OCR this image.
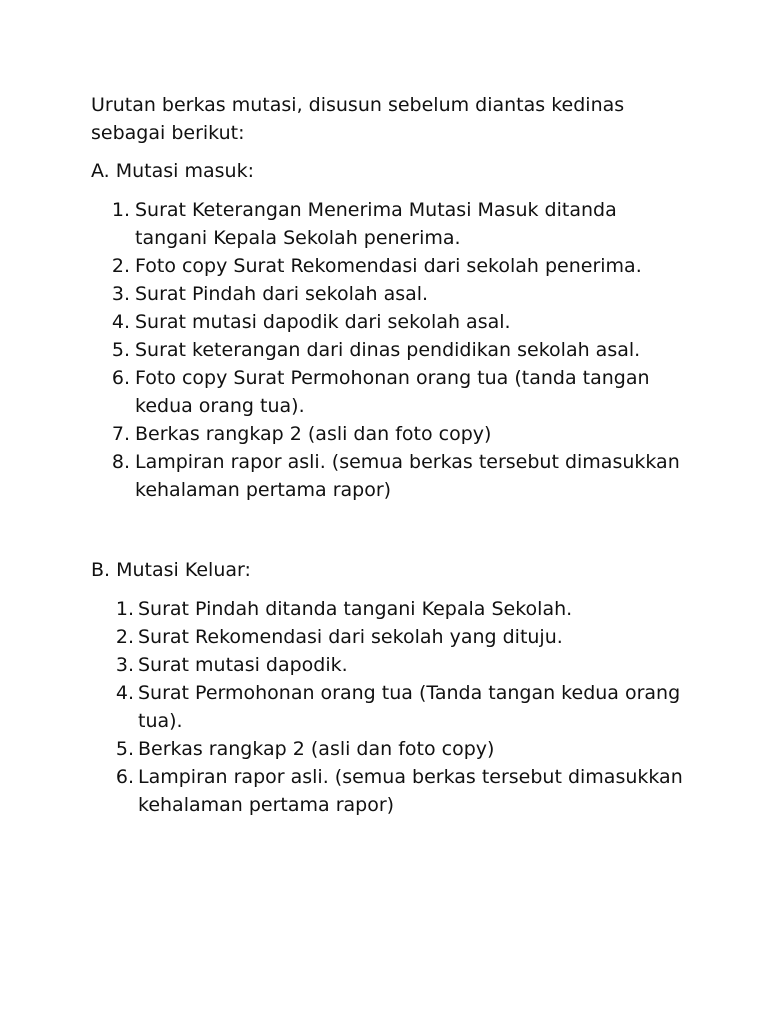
Urutan berkas mutasi, disusun sebelum diantas kedinas sebagai berikut:

A. Mutasi masuk:

1. Surat Keterangan Menerima Mutasi Masuk ditanda tangani Kepala Sekolah penerima.
2. Foto copy Surat Rekomendasi dari sekolah penerima.
3. Surat Pindah dari sekolah asal.
4. Surat mutasi dapodik dari sekolah asal.
5. Surat keterangan dari dinas pendidikan sekolah asal.
6. Foto copy Surat Permohonan orang tua (tanda tangan kedua orang tua).
7. Berkas rangkap 2 (asli dan foto copy)
8. Lampiran rapor asli. (semua berkas tersebut dimasukkan kehalaman pertama rapor)

B. Mutasi Keluar:

1. Surat Pindah ditanda tangani Kepala Sekolah.
2. Surat Rekomendasi dari sekolah yang dituju.
3. Surat mutasi dapodik.
4. Surat Permohonan orang tua (Tanda tangan kedua orang tua).
5. Berkas rangkap 2 (asli dan foto copy)
6. Lampiran rapor asli. (semua berkas tersebut dimasukkan kehalaman pertama rapor)
